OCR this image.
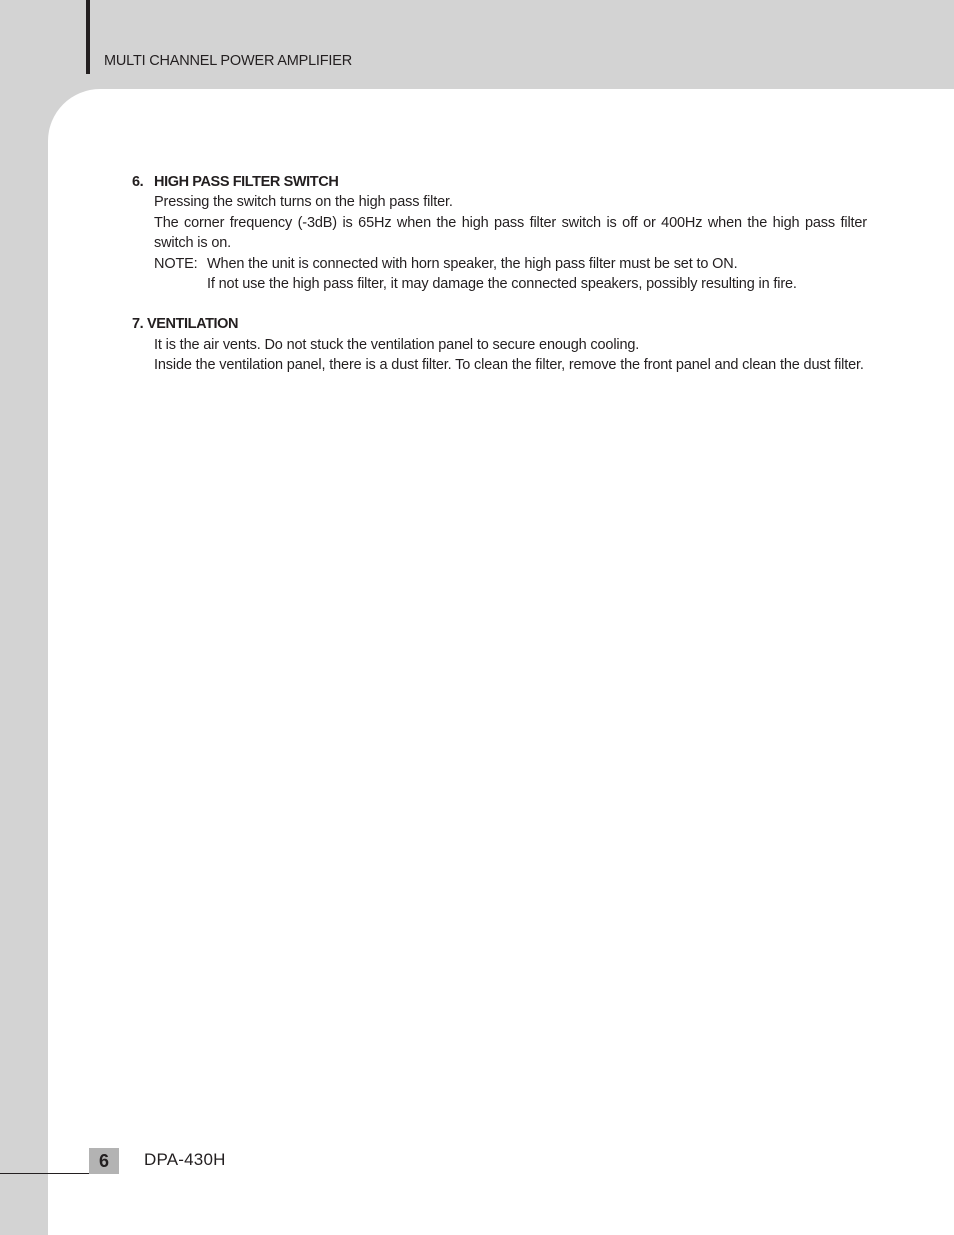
MULTI CHANNEL POWER AMPLIFIER
6. HIGH PASS FILTER SWITCH
Pressing the switch turns on the high pass filter.
The corner frequency (-3dB) is 65Hz when the high pass filter switch is off or 400Hz when the high pass filter switch is on.
NOTE: When the unit is connected with horn speaker, the high pass filter must be set to ON.
If not use the high pass filter, it may damage the connected speakers, possibly resulting in fire.
7. VENTILATION
It is the air vents. Do not stuck the ventilation panel to secure enough cooling.
Inside the ventilation panel, there is a dust filter. To clean the filter, remove the front panel and clean the dust filter.
6	DPA-430H
